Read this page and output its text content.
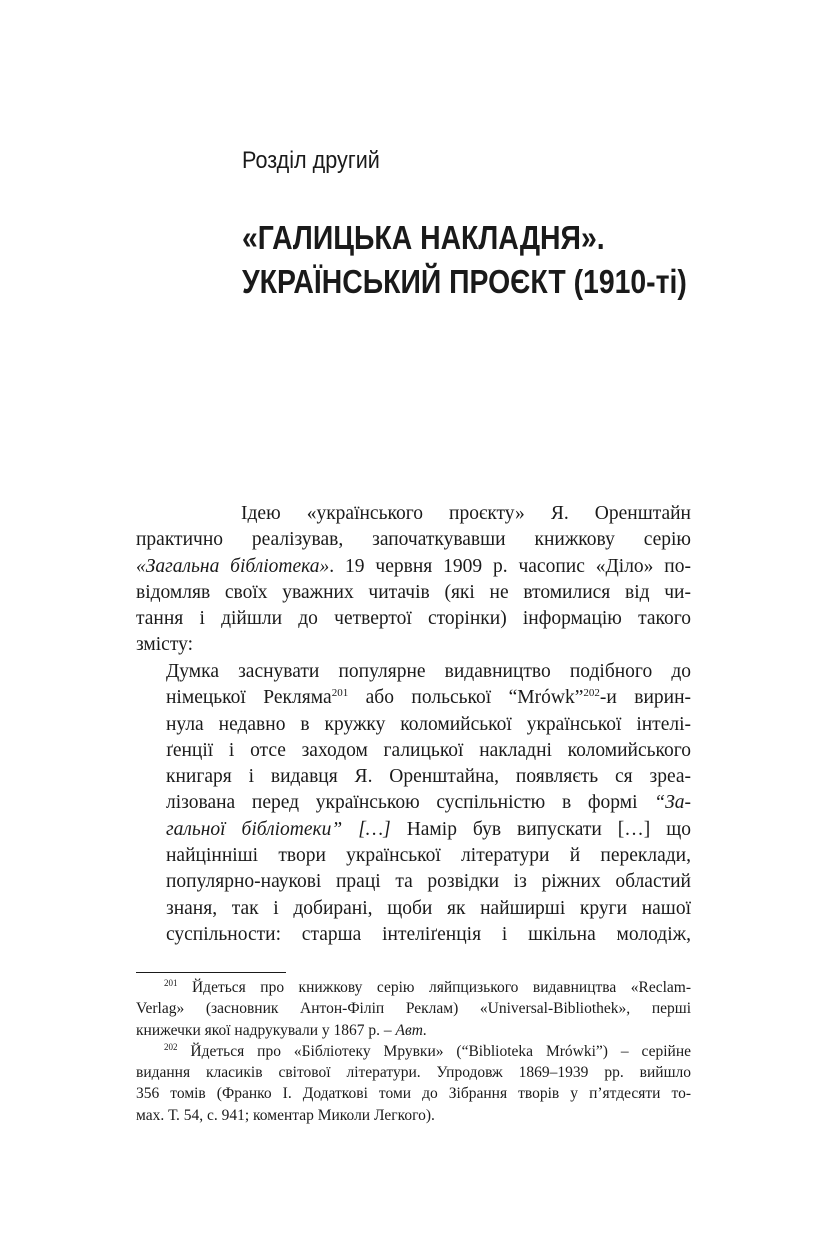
Розділ другий
«ГАЛИЦЬКА НАКЛАДНЯ».
УКРАЇНСЬКИЙ ПРОЄКТ (1910-ті)
Ідею «українського проєкту» Я. Оренштайн
практично реалізував, започаткувавши книжкову серію
«Загальна бібліотека». 19 червня 1909 р. часопис «Діло» по-
відомляв своїх уважних читачів (які не втомилися від чи-
тання і дійшли до четвертої сторінки) інформацію такого
змісту:
Думка заснувати популярне видавництво подібного до
німецької Реклямa$^{201}$ або польської “Mrówk”$^{202}$-и вирин-
нула недавно в кружку коломийської української інтелі-
ґенції і отсе заходом галицької накладні коломийського
книгаря і видавця Я. Оренштайна, появляєть ся зреа-
лізована перед українською суспільністю в формі “За-
гальної бібліотеки” […] Намір був випускати […] що
найцінніші твори української літератури й переклади,
популярно-наукові праці та розвідки із ріжних областий
знаня, так і добирані, щоби як найширші круги нашої
суспільности: старша інтеліґенція і шкільна молодіж,
$^{201}$ Йдеться про книжкову серію ляйпцизького видавництва «Reclam-
Verlag» (засновник Антон-Філіп Реклам) «Universal-Bibliothek», перші
книжечки якої надрукували у 1867 р. – Авт.
$^{202}$ Йдеться про «Бібліотеку Мрувки» (“Biblioteka Mrówki”) – серійне
видання класиків світової літератури. Упродовж 1869–1939 рр. вийшло
356 томів (Франко І. Додаткові томи до Зібрання творів у п’ятдесяти то-
мах. Т. 54, с. 941; коментар Миколи Легкого).
